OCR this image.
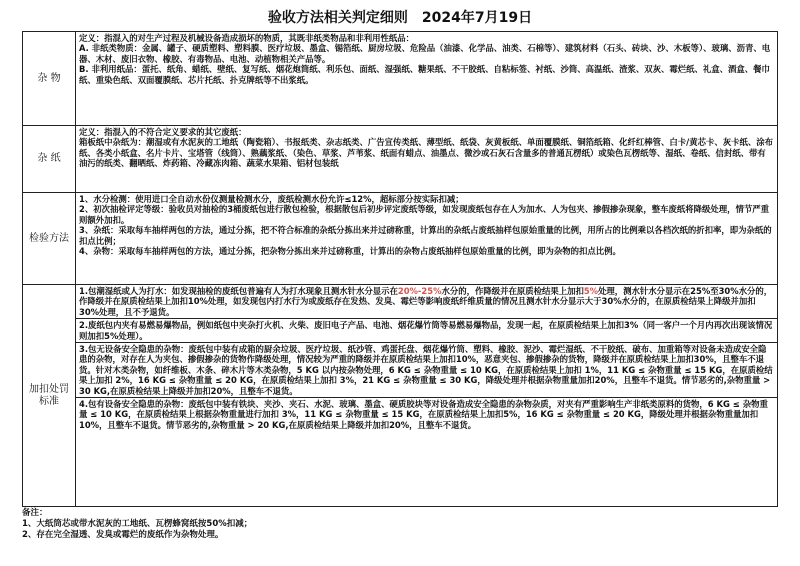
验收方法相关判定细则　2024年7月19日
杂 物	定义：指混入的对生产过程及机械设备造成损坏的物质，其既非纸类物品和非利用性纸品：
A. 非纸类物质：金属、罐子、硬质塑料、塑料膜、医疗垃圾、墨盒、锡箔纸、厨房垃圾、危险品（油漆、化学品、油类、石棉等）、建筑材料（石头、砖块、沙、木板等）、玻璃、沥青、电器、木材、废旧衣物、橡胶、有毒物品、电池、动植物相关产品等。
B. 非利用纸品：蛋托、纸角、蜡纸、壁纸、复写纸、烟花炮筒纸、利乐包、面纸、湿强纸、糖果纸、不干胶纸、自粘标签、衬纸、沙筒、高温纸、渣浆、双灰、霉烂纸、礼盒、酒盒、餐巾纸、重染色纸、双面覆膜纸、芯片托纸、扑克牌纸等不出浆纸。

杂 纸	定义：指混入的不符合定义要求的其它废纸：
箱板纸中杂纸为：潮湿或有水泥灰的工地纸（陶瓷箱）、书报纸类、杂志纸类、广告宣传类纸、薄型纸、纸袋、灰黄板纸、单面覆膜纸、铜箔纸箱、化纤红棒管、白卡/黄芯卡、灰卡纸、涂布纸、各类小纸盒、名片卡片、宝塔管（线筒）、熟藕浆纸、（染色、草浆、芦苇浆、纸面有蜡点、油墨点、微沙或石灰石含量多的普通瓦楞纸）或染色瓦楞纸等、湿纸、卷纸、信封纸、带有油污的纸类、翻晒纸、炸药箱、冷藏冻肉箱、蔬菜水果箱、铝材包装纸

检验方法	1、水分检测：使用进口全自动水份仪测量检测水分，废纸检测水份允许≤12%，超标部分按实际扣减；
2、初次抽检评定等级：验收员对抽检的3桶废纸包进行散包检验，根据散包后初步评定废纸等级，如发现废纸包存在人为加水、人为包夹、掺假掺杂现象，整车废纸将降级处理，情节严重则额外加扣。
3、杂纸：采取每车抽样两包的方法，通过分拣，把不符合标准的杂纸分拣出来并过磅称重，计算出的杂纸占废纸抽样包原始重量的比例，用所占的比例乘以各档次纸的折扣率，即为杂纸的扣点比例；
4、杂物：采取每车抽样两包的方法，通过分拣，把杂物分拣出来并过磅称重，计算出的杂物占废纸抽样包原始重量的比例，即为杂物的扣点比例。

加扣处罚标准	1.包潮湿纸或人为打水：如发现抽检的废纸包普遍有人为打水现象且测水针水分显示在20%-25%水分的，作降级并在原质检结果上加扣5%处理，测水针水分显示在25%至30%水分的，作降级并在原质检结果上加扣10%处理，如发现包内打水行为或废纸存在发热、发臭、霉烂等影响废纸纤维质量的情况且测水针水分显示大于30%水分的，在原质检结果上降级并加扣30%处理，且不予退货。
2.废纸包内夹有易燃易爆物品，例如纸包中夹杂打火机、火柴、废旧电子产品、电池、烟花爆竹筒等易燃易爆物品，发现一起，在原质检结果上加扣3%（同一客户一个月内再次出现该情况则加扣5%处理）。
3.包无设备安全隐患的杂物：废纸包中装有成箱的厨余垃圾、医疗垃圾、纸沙管、鸡蛋托盘、烟花爆竹筒、塑料、橡胶、泥沙、霉烂湿纸、不干胶纸、破布、加重箱等对设备未造成安全隐患的杂物，对存在人为夹包、掺假掺杂的货物作降级处理，情况较为严重的降级并在原质检结果上加扣10%，恶意夹包、掺假掺杂的货物，降级并在原质检结果上加扣30%，且整车不退货。针对木类杂物，如纤维板、木条、碎木片等木类杂物，5 KG 以内按杂物处理，6 KG ≤ 杂物重量 ≤ 10 KG，在原质检结果上加扣 1%，11 KG ≤ 杂物重量 ≤ 15 KG，在原质检结果上加扣 2%，16 KG ≤ 杂物重量 ≤ 20 KG，在原质检结果上加扣 3%，21 KG ≤ 杂物重量 ≤ 30 KG，降级处理并根据杂物重量加扣20%，且整车不退货。情节恶劣的,杂物重量 > 30 KG,在原质检结果上降级并加扣20%，且整车不退货。
4.包有设备安全隐患的杂物：废纸包中装有铁块、夹沙、夹石、水泥、玻璃、墨盒、硬质胶块等对设备造成安全隐患的杂物杂质，对夹有严重影响生产非纸类原料的货物，6 KG ≤ 杂物重量 ≤ 10 KG，在原质检结果上根据杂物重量进行加扣 3%，11 KG ≤ 杂物重量 ≤ 15 KG，在原质检结果上加扣5%，16 KG ≤ 杂物重量 ≤ 20 KG，降级处理并根据杂物重量加扣10%，且整车不退货。情节恶劣的,杂物重量 > 20 KG,在原质检结果上降级并加扣20%，且整车不退货。
备注：
1、大纸筒芯或带水泥灰的工地纸、瓦楞蜂窝纸按50%扣减；
2、存在完全湿透、发臭或霉烂的废纸作为杂物处理。
